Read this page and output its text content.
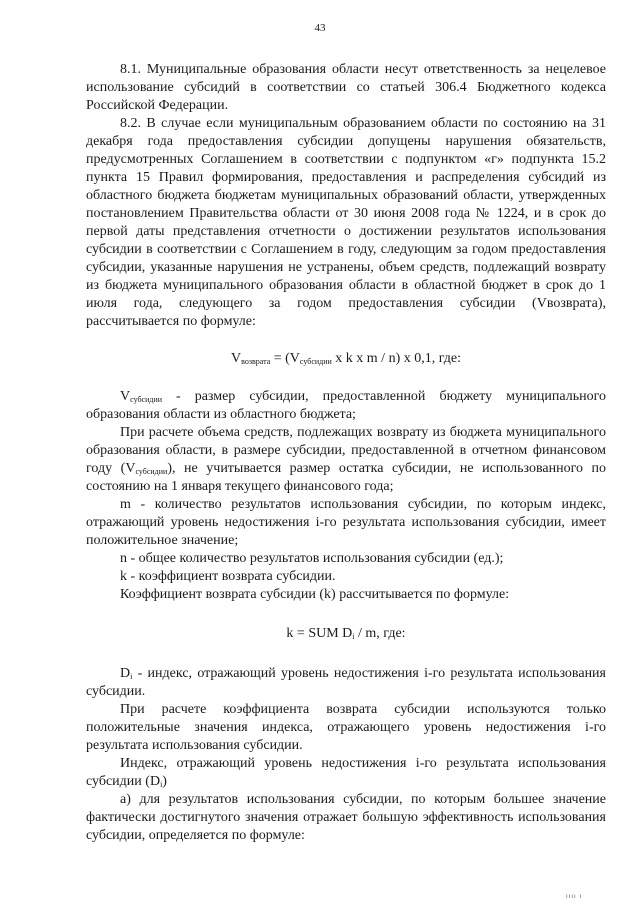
43

8.1. Муниципальные образования области несут ответственность за нецелевое использование субсидий в соответствии со статьей 306.4 Бюджетного кодекса Российской Федерации.

8.2. В случае если муниципальным образованием области по состоянию на 31 декабря года предоставления субсидии допущены нарушения обязательств, предусмотренных Соглашением в соответствии с подпунктом «г» подпункта 15.2 пункта 15 Правил формирования, предоставления и распределения субсидий из областного бюджета бюджетам муниципальных образований области, утвержденных постановлением Правительства области от 30 июня 2008 года № 1224, и в срок до первой даты представления отчетности о достижении результатов использования субсидии в соответствии с Соглашением в году, следующим за годом предоставления субсидии, указанные нарушения не устранены, объем средств, подлежащий возврату из бюджета муниципального образования области в областной бюджет в срок до 1 июля года, следующего за годом предоставления субсидии (Vвозврата), рассчитывается по формуле:

$V_{возврата} = (V_{субсидии}$ x k x m / n) x 0,1, где:

$V_{субсидии}$ - размер субсидии, предоставленной бюджету муниципального образования области из областного бюджета;

При расчете объема средств, подлежащих возврату из бюджета муниципального образования области, в размере субсидии, предоставленной в отчетном финансовом году $(V_{субсидии})$, не учитывается размер остатка субсидии, не использованного по состоянию на 1 января текущего финансового года;

m - количество результатов использования субсидии, по которым индекс, отражающий уровень недостижения i-го результата использования субсидии, имеет положительное значение;

n - общее количество результатов использования субсидии (ед.);

k - коэффициент возврата субсидии.

Коэффициент возврата субсидии (k) рассчитывается по формуле:

k = SUM $D_i$ / m, где:

$D_i$ - индекс, отражающий уровень недостижения i-го результата использования субсидии.

При расчете коэффициента возврата субсидии используются только положительные значения индекса, отражающего уровень недостижения i-го результата использования субсидии.

Индекс, отражающий уровень недостижения i-го результата использования субсидии $(D_i)$

а) для результатов использования субсидии, по которым большее значение фактически достигнутого значения отражает большую эффективность использования субсидии, определяется по формуле:

ıııı ı
